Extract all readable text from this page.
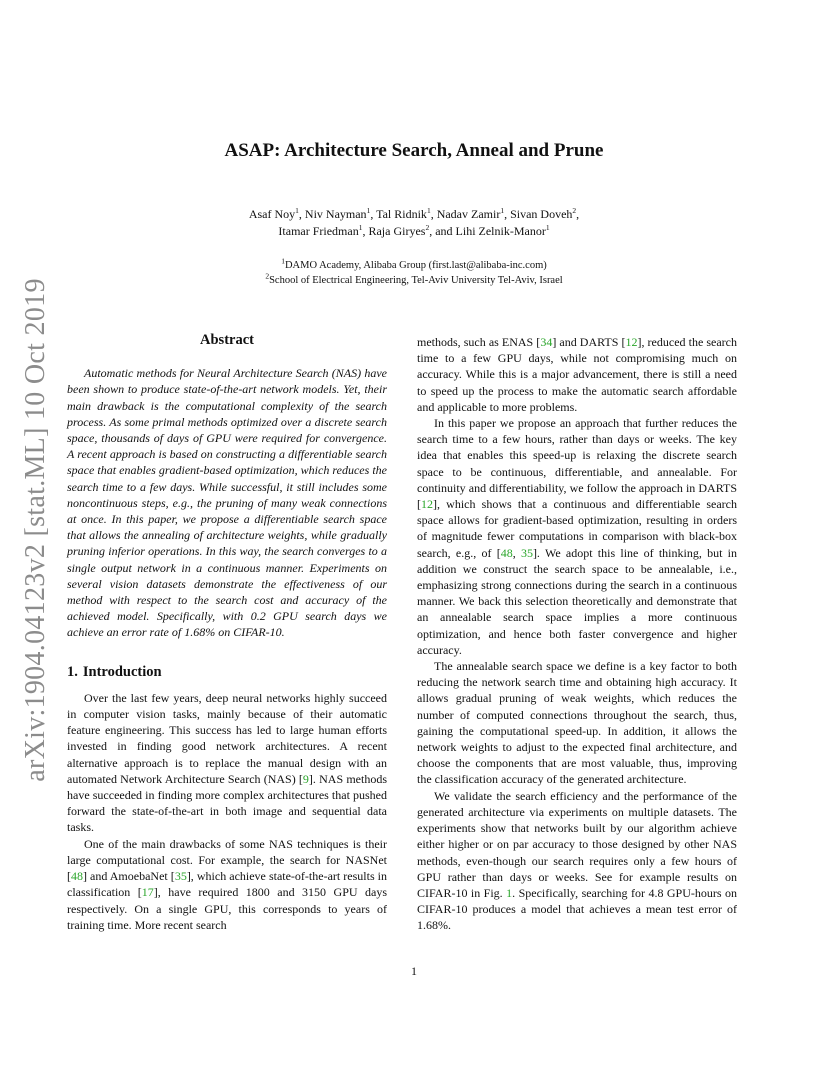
arXiv:1904.04123v2 [stat.ML] 10 Oct 2019
ASAP: Architecture Search, Anneal and Prune
Asaf Noy$^1$, Niv Nayman$^1$, Tal Ridnik$^1$, Nadav Zamir$^1$, Sivan Doveh$^2$,
Itamar Friedman$^1$, Raja Giryes$^2$, and Lihi Zelnik-Manor$^1$
$^1$DAMO Academy, Alibaba Group (first.last@alibaba-inc.com)
$^2$School of Electrical Engineering, Tel-Aviv University Tel-Aviv, Israel
Abstract

Automatic methods for Neural Architecture Search (NAS) have been shown to produce state-of-the-art network models. Yet, their main drawback is the computational complexity of the search process. As some primal methods optimized over a discrete search space, thousands of days of GPU were required for convergence. A recent approach is based on constructing a differentiable search space that enables gradient-based optimization, which reduces the search time to a few days. While successful, it still includes some noncontinuous steps, e.g., the pruning of many weak connections at once. In this paper, we propose a differentiable search space that allows the annealing of architecture weights, while gradually pruning inferior operations. In this way, the search converges to a single output network in a continuous manner. Experiments on several vision datasets demonstrate the effectiveness of our method with respect to the search cost and accuracy of the achieved model. Specifically, with 0.2 GPU search days we achieve an error rate of 1.68% on CIFAR-10.

1. Introduction

Over the last few years, deep neural networks highly succeed in computer vision tasks, mainly because of their automatic feature engineering. This success has led to large human efforts invested in finding good network architectures. A recent alternative approach is to replace the manual design with an automated Network Architecture Search (NAS) [9]. NAS methods have succeeded in finding more complex architectures that pushed forward the state-of-the-art in both image and sequential data tasks.

One of the main drawbacks of some NAS techniques is their large computational cost. For example, the search for NASNet [48] and AmoebaNet [35], which achieve state-of-the-art results in classification [17], have required 1800 and 3150 GPU days respectively. On a single GPU, this corresponds to years of training time. More recent search

methods, such as ENAS [34] and DARTS [12], reduced the search time to a few GPU days, while not compromising much on accuracy. While this is a major advancement, there is still a need to speed up the process to make the automatic search affordable and applicable to more problems.

In this paper we propose an approach that further reduces the search time to a few hours, rather than days or weeks. The key idea that enables this speed-up is relaxing the discrete search space to be continuous, differentiable, and annealable. For continuity and differentiability, we follow the approach in DARTS [12], which shows that a continuous and differentiable search space allows for gradient-based optimization, resulting in orders of magnitude fewer computations in comparison with black-box search, e.g., of [48, 35]. We adopt this line of thinking, but in addition we construct the search space to be annealable, i.e., emphasizing strong connections during the search in a continuous manner. We back this selection theoretically and demonstrate that an annealable search space implies a more continuous optimization, and hence both faster convergence and higher accuracy.

The annealable search space we define is a key factor to both reducing the network search time and obtaining high accuracy. It allows gradual pruning of weak weights, which reduces the number of computed connections throughout the search, thus, gaining the computational speed-up. In addition, it allows the network weights to adjust to the expected final architecture, and choose the components that are most valuable, thus, improving the classification accuracy of the generated architecture.

We validate the search efficiency and the performance of the generated architecture via experiments on multiple datasets. The experiments show that networks built by our algorithm achieve either higher or on par accuracy to those designed by other NAS methods, even-though our search requires only a few hours of GPU rather than days or weeks. See for example results on CIFAR-10 in Fig. 1. Specifically, searching for 4.8 GPU-hours on CIFAR-10 produces a model that achieves a mean test error of 1.68%.

1
